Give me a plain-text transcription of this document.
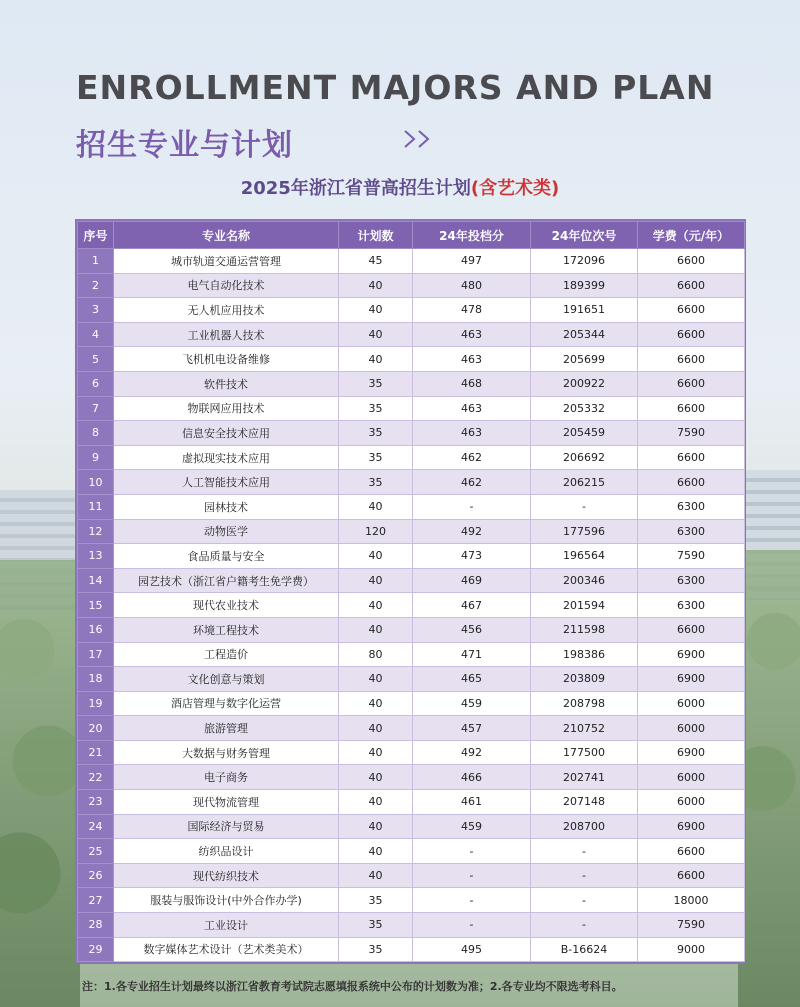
ENROLLMENT MAJORS AND PLAN
招生专业与计划
2025年浙江省普高招生计划(含艺术类)
序号	专业名称	计划数	24年投档分	24年位次号	学费（元/年）
1	城市轨道交通运营管理	45	497	172096	6600
2	电气自动化技术	40	480	189399	6600
3	无人机应用技术	40	478	191651	6600
4	工业机器人技术	40	463	205344	6600
5	飞机机电设备维修	40	463	205699	6600
6	软件技术	35	468	200922	6600
7	物联网应用技术	35	463	205332	6600
8	信息安全技术应用	35	463	205459	7590
9	虚拟现实技术应用	35	462	206692	6600
10	人工智能技术应用	35	462	206215	6600
11	园林技术	40	-	-	6300
12	动物医学	120	492	177596	6300
13	食品质量与安全	40	473	196564	7590
14	园艺技术（浙江省户籍考生免学费）	40	469	200346	6300
15	现代农业技术	40	467	201594	6300
16	环境工程技术	40	456	211598	6600
17	工程造价	80	471	198386	6900
18	文化创意与策划	40	465	203809	6900
19	酒店管理与数字化运营	40	459	208798	6000
20	旅游管理	40	457	210752	6000
21	大数据与财务管理	40	492	177500	6900
22	电子商务	40	466	202741	6000
23	现代物流管理	40	461	207148	6000
24	国际经济与贸易	40	459	208700	6900
25	纺织品设计	40	-	-	6600
26	现代纺织技术	40	-	-	6600
27	服装与服饰设计(中外合作办学)	35	-	-	18000
28	工业设计	35	-	-	7590
29	数字媒体艺术设计（艺术类美术）	35	495	B-16624	9000
注：1.各专业招生计划最终以浙江省教育考试院志愿填报系统中公布的计划数为准；2.各专业均不限选考科目。
